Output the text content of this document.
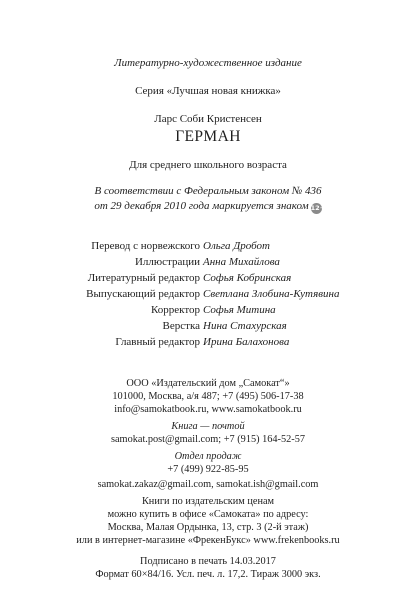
Литературно-художественное издание
Серия «Лучшая новая книжка»
Ларс Соби Кристенсен
ГЕРМАН
Для среднего школьного возраста
В соответствии с Федеральным законом № 436
от 29 декабря 2010 года маркируется знаком 12+
Перевод с норвежского Ольга Дробот
Иллюстрации Анна Михайлова
Литературный редактор Софья Кобринская
Выпускающий редактор Светлана Злобина-Кутявина
Корректор Софья Митина
Верстка Нина Стахурская
Главный редактор Ирина Балахонова
ООО «Издательский дом „Самокат“»
101000, Москва, а/я 487; +7 (495) 506-17-38
info@samokatbook.ru, www.samokatbook.ru
Книга — почтой
samokat.post@gmail.com; +7 (915) 164-52-57
Отдел продаж
+7 (499) 922-85-95
samokat.zakaz@gmail.com, samokat.ish@gmail.com
Книги по издательским ценам
можно купить в офисе «Самоката» по адресу:
Москва, Малая Ордынка, 13, стр. 3 (2-й этаж)
или в интернет-магазине «ФрекенБукс» www.frekenbooks.ru
Подписано в печать 14.03.2017
Формат 60×84/16. Усл. печ. л. 17,2. Тираж 3000 экз.
